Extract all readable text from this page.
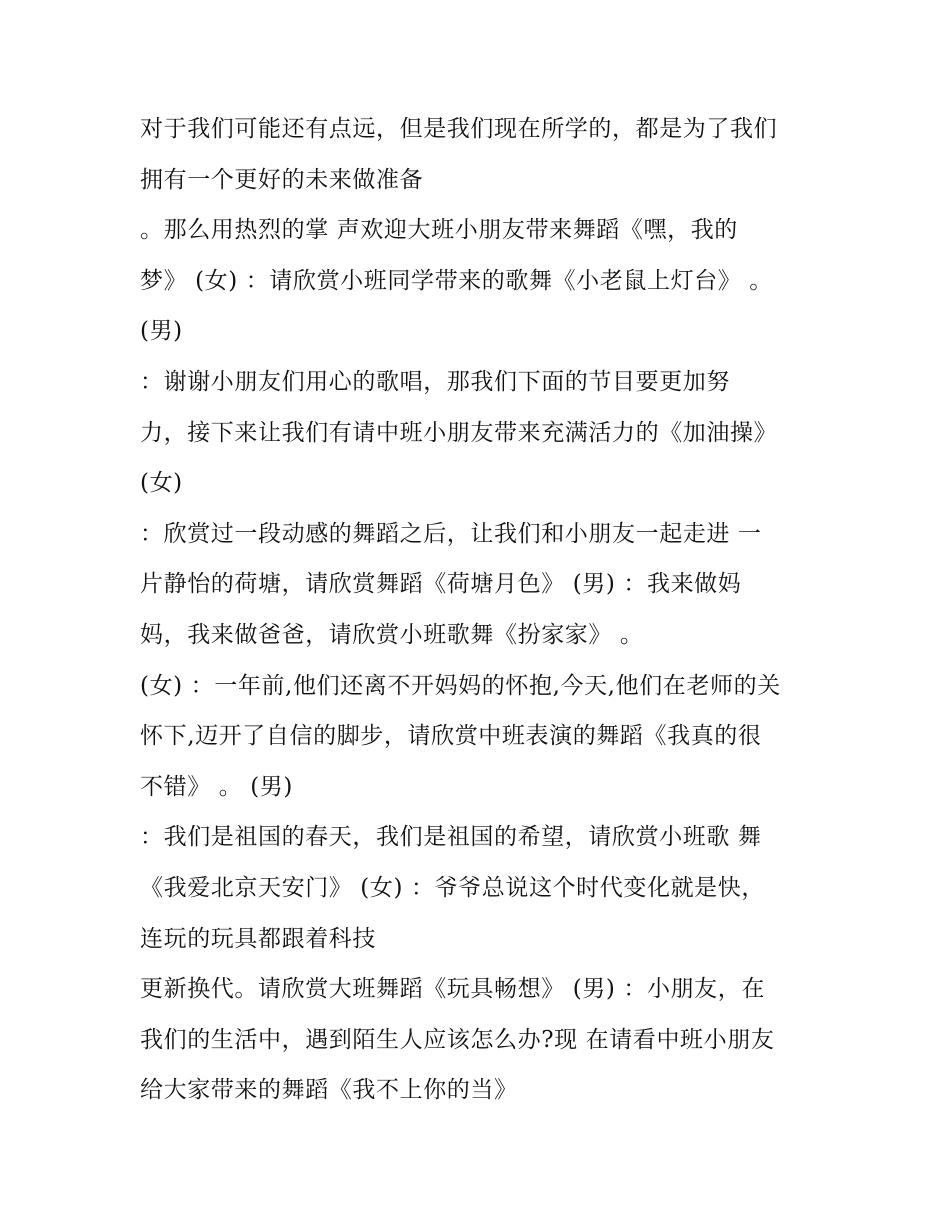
对于我们可能还有点远，但是我们现在所学的，都是为了我们
拥有一个更好的未来做准备
。那么用热烈的掌 声欢迎大班小朋友带来舞蹈《嘿，我的
梦》 (女) ：请欣赏小班同学带来的歌舞《小老鼠上灯台》 。
(男)
：谢谢小朋友们用心的歌唱，那我们下面的节目要更加努
力，接下来让我们有请中班小朋友带来充满活力的《加油操》
(女)
：欣赏过一段动感的舞蹈之后，让我们和小朋友一起走进 一
片静怡的荷塘，请欣赏舞蹈《荷塘月色》 (男) ：我来做妈
妈，我来做爸爸，请欣赏小班歌舞《扮家家》 。
(女) ：一年前,他们还离不开妈妈的怀抱,今天,他们在老师的关
怀下,迈开了自信的脚步，请欣赏中班表演的舞蹈《我真的很
不错》 。 (男)
：我们是祖国的春天，我们是祖国的希望，请欣赏小班歌 舞
《我爱北京天安门》 (女) ：爷爷总说这个时代变化就是快，
连玩的玩具都跟着科技
更新换代。请欣赏大班舞蹈《玩具畅想》 (男) ：小朋友，在
我们的生活中，遇到陌生人应该怎么办?现 在请看中班小朋友
给大家带来的舞蹈《我不上你的当》
